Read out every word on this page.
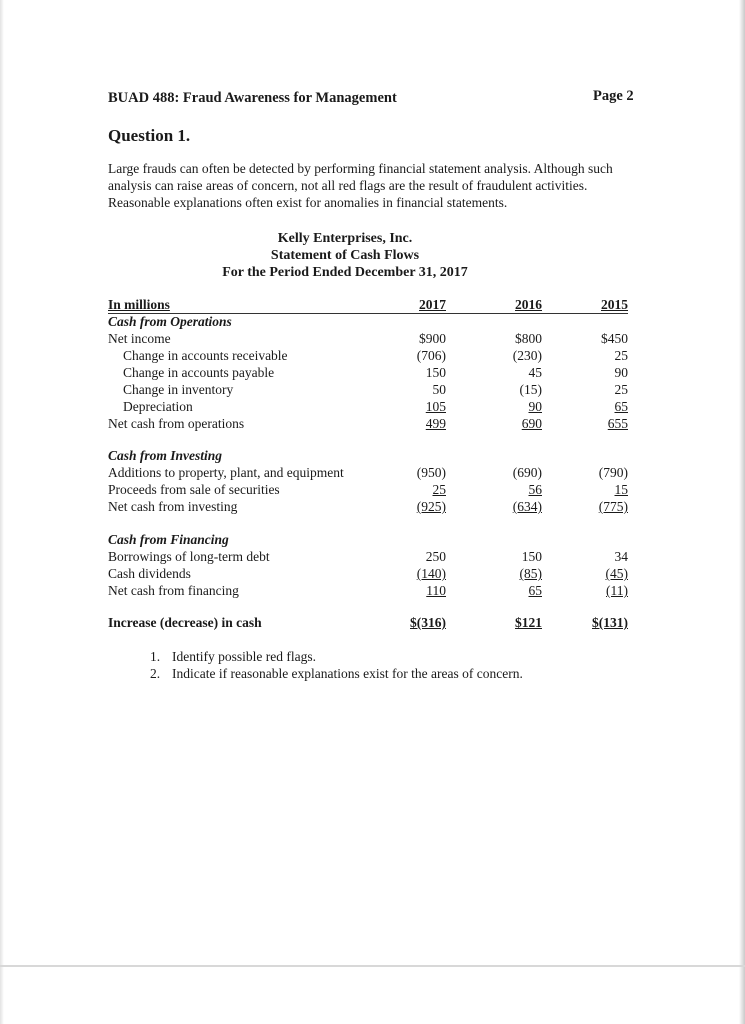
BUAD 488: Fraud Awareness for Management	Page 2
Question 1.
Large frauds can often be detected by performing financial statement analysis. Although such analysis can raise areas of concern, not all red flags are the result of fraudulent activities. Reasonable explanations often exist for anomalies in financial statements.
Kelly Enterprises, Inc.
Statement of Cash Flows
For the Period Ended December 31, 2017
In millions	2017	2016	2015
Cash from Operations
Net income	$900	$800	$450
Change in accounts receivable	(706)	(230)	25
Change in accounts payable	150	45	90
Change in inventory	50	(15)	25
Depreciation	105	90	65
Net cash from operations	499	690	655
Cash from Investing
Additions to property, plant, and equipment	(950)	(690)	(790)
Proceeds from sale of securities	25	56	15
Net cash from investing	(925)	(634)	(775)
Cash from Financing
Borrowings of long-term debt	250	150	34
Cash dividends	(140)	(85)	(45)
Net cash from financing	110	65	(11)
Increase (decrease) in cash	$(316)	$121	$(131)
1. Identify possible red flags.
2. Indicate if reasonable explanations exist for the areas of concern.
